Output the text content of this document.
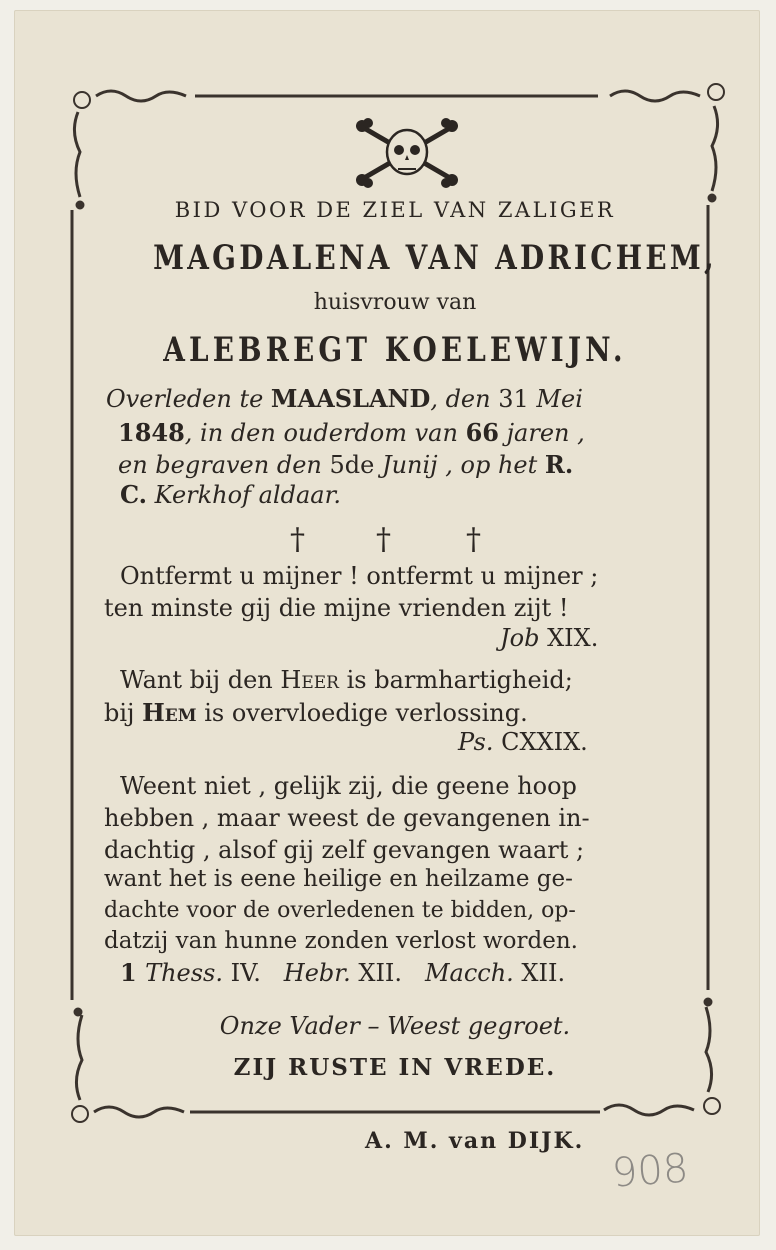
BID VOOR DE ZIEL VAN ZALIGER
MAGDALENA VAN ADRICHEM,
huisvrouw van
ALEBREGT KOELEWIJN.
Overleden te MAASLAND, den 31 Mei
1848, in den ouderdom van 66 jaren ,
en begraven den 5de Junij , op het R.
C. Kerkhof aldaar.
† †	†
Ontfermt u mijner ! ontfermt u mijner ;
ten minste gij die mijne vrienden zijt !
Job XIX.
Want bij den Heer is barmhartigheid;
bij Hem is overvloedige verlossing.
Ps. CXXIX.
Weent niet , gelijk zij, die geene hoop
hebben , maar weest de gevangenen in-
dachtig , alsof gij zelf gevangen waart ;
want het is eene heilige en heilzame ge-
dachte voor de overledenen te bidden, op-
datzij van hunne zonden verlost worden.
1 Thess. IV.   Hebr. XII.   Macch. XII.
Onze Vader – Weest gegroet.
ZIJ RUSTE IN VREDE.
A. M. van DIJK.
908
